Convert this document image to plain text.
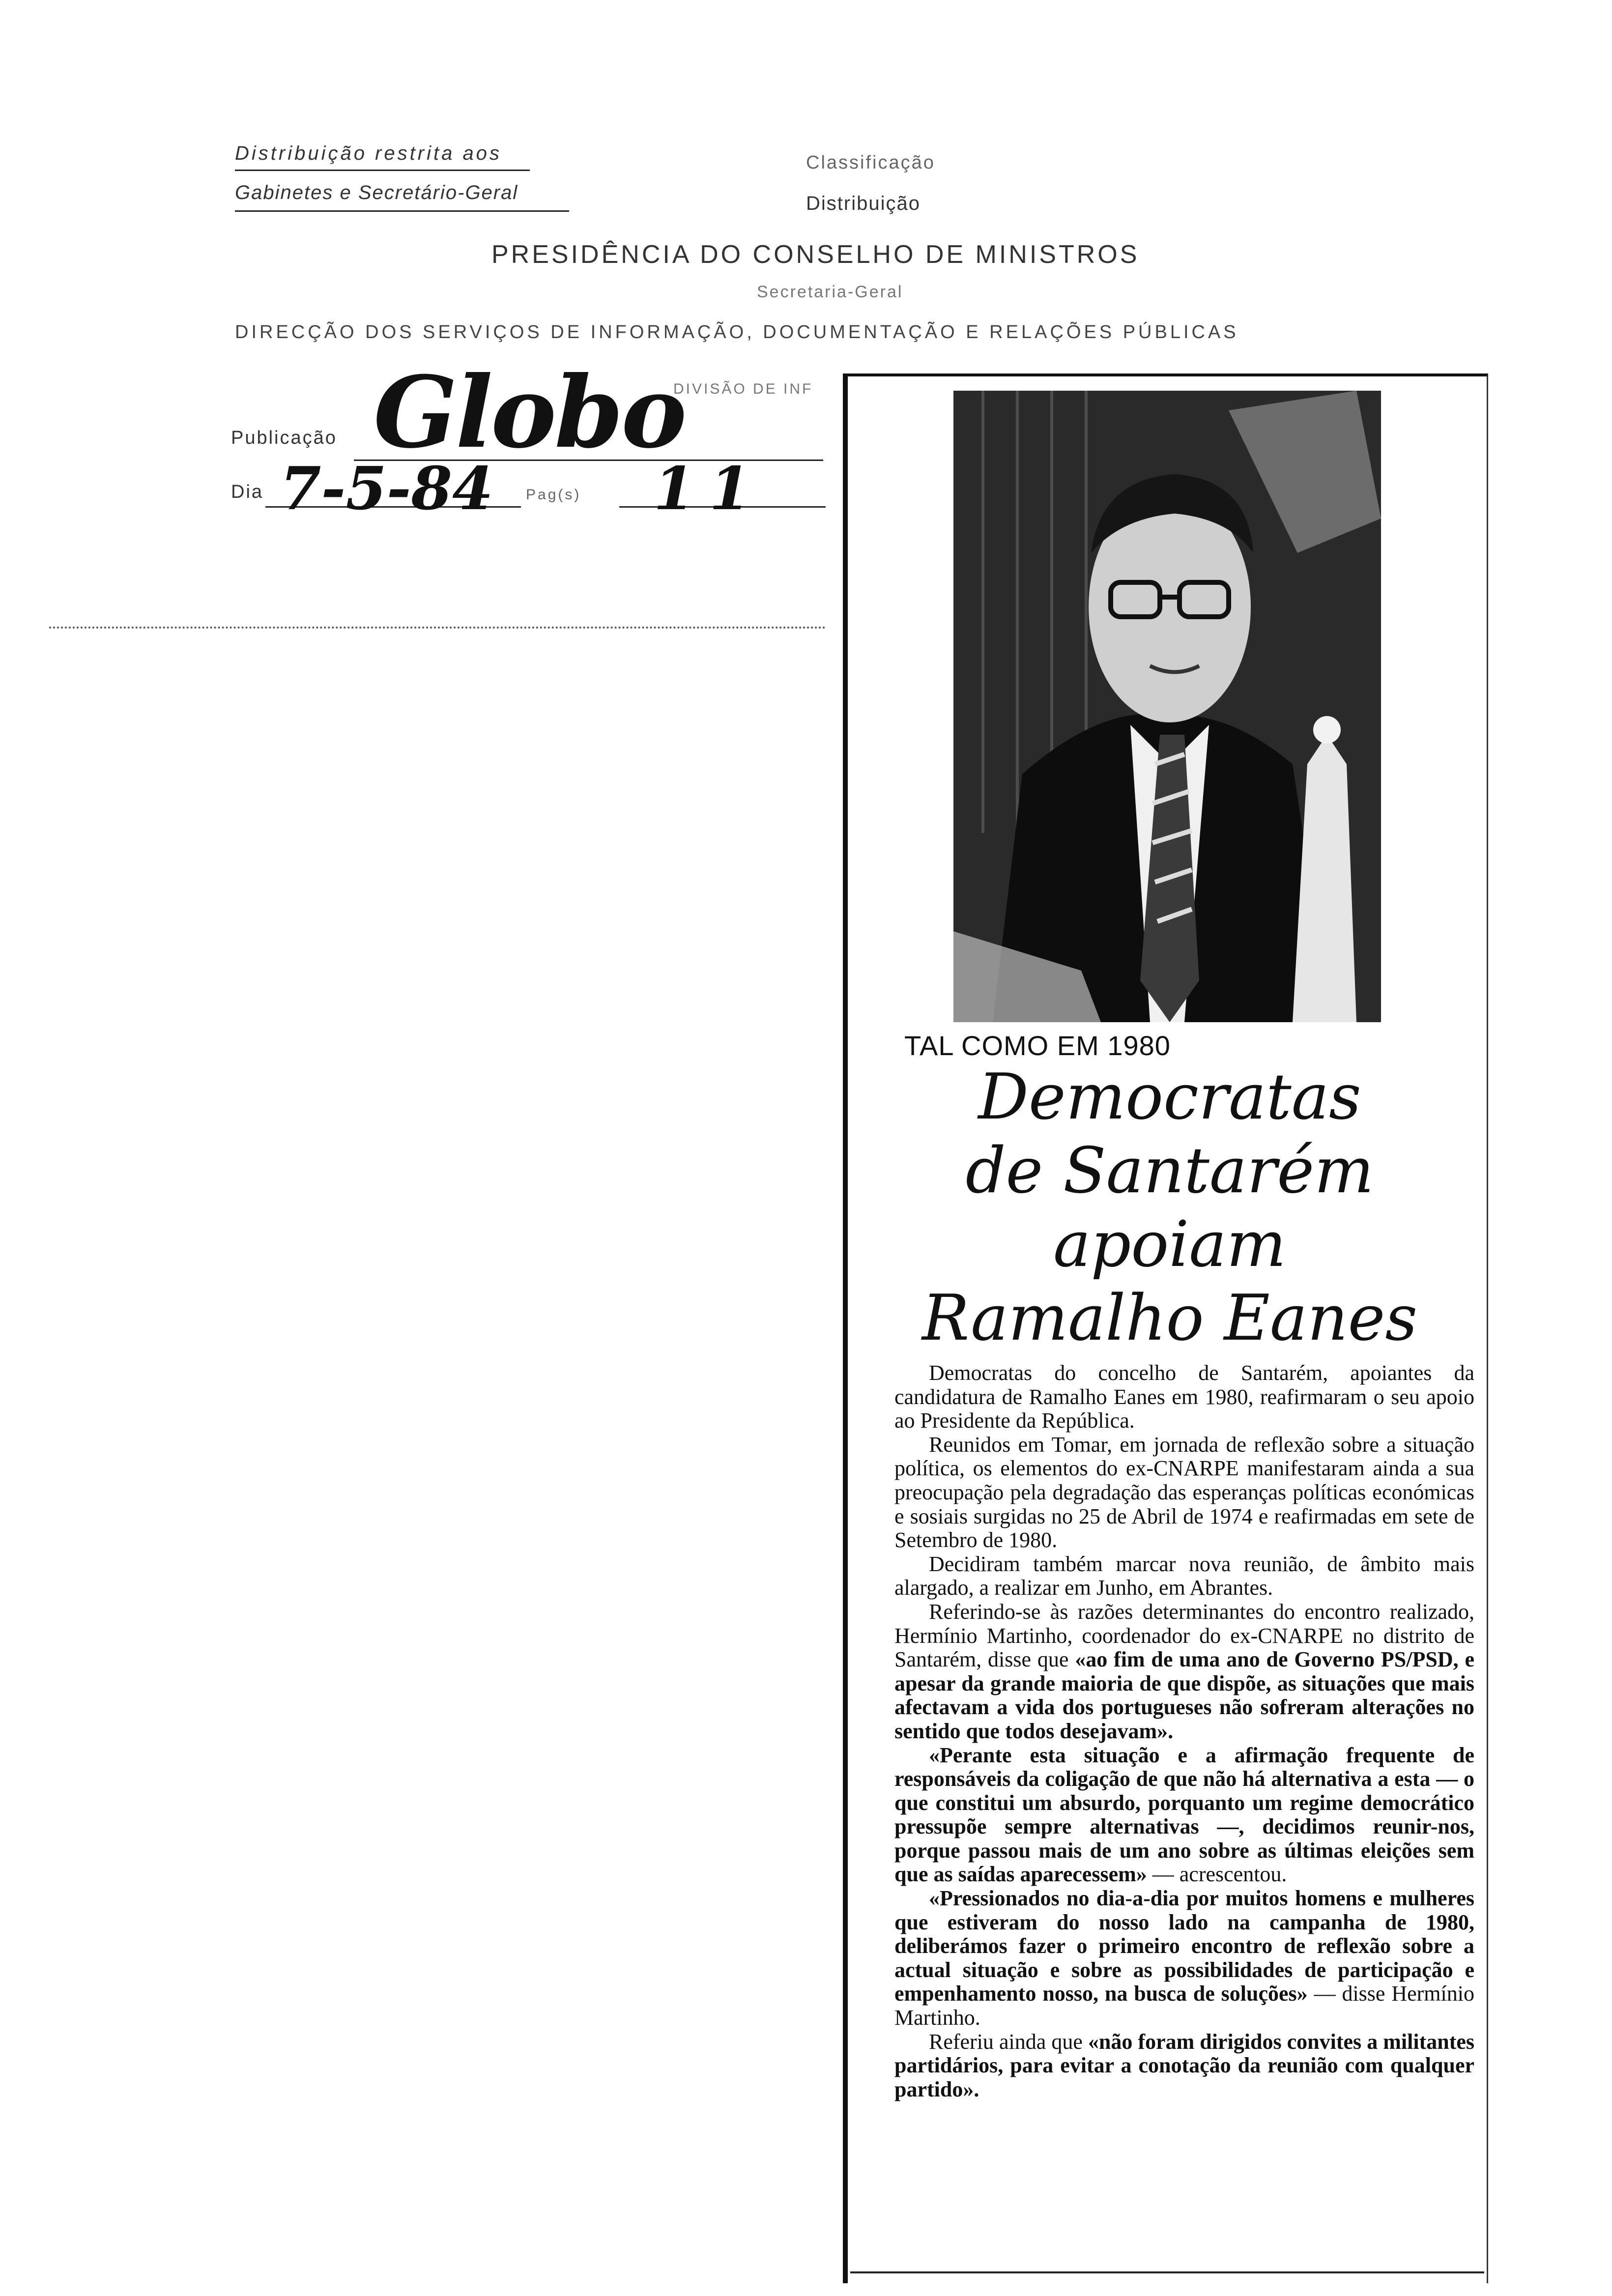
Distribuição restrita aos
Gabinetes e Secretário-Geral
Classificação
Distribuição
PRESIDÊNCIA DO CONSELHO DE MINISTROS
Secretaria-Geral
DIRECÇÃO DOS SERVIÇOS DE INFORMAÇÃO, DOCUMENTAÇÃO E RELAÇÕES PÚBLICAS
DIVISÃO DE INF
Publicação Globo
Dia 7-5-84 Pag(s) 11
TAL COMO EM 1980
Democratas
de Santarém
apoiam
Ramalho Eanes

Democratas do concelho de Santarém, apoiantes da candidatura de Ramalho Eanes em 1980, reafirmaram o seu apoio ao Presidente da República.

Reunidos em Tomar, em jornada de reflexão sobre a situação política, os elementos do ex-CNARPE manifestaram ainda a sua preocupação pela degradação das esperanças políticas económicas e sosiais surgidas no 25 de Abril de 1974 e reafirmadas em sete de Setembro de 1980.

Decidiram também marcar nova reunião, de âmbito mais alargado, a realizar em Junho, em Abrantes.

Referindo-se às razões determinantes do encontro realizado, Hermínio Martinho, coordenador do ex-CNARPE no distrito de Santarém, disse que «ao fim de uma ano de Governo PS/PSD, e apesar da grande maioria de que dispõe, as situações que mais afectavam a vida dos portugueses não sofreram alterações no sentido que todos desejavam».

«Perante esta situação e a afirmação frequente de responsáveis da coligação de que não há alternativa a esta — o que constitui um absurdo, porquanto um regime democrático pressupõe sempre alternativas —, decidimos reunir-nos, porque passou mais de um ano sobre as últimas eleições sem que as saídas aparecessem» — acrescentou.

«Pressionados no dia-a-dia por muitos homens e mulheres que estiveram do nosso lado na campanha de 1980, deliberámos fazer o primeiro encontro de reflexão sobre a actual situação e sobre as possibilidades de participação e empenhamento nosso, na busca de soluções» — disse Hermínio Martinho.

Referiu ainda que «não foram dirigidos convites a militantes partidários, para evitar a conotação da reunião com qualquer partido».
